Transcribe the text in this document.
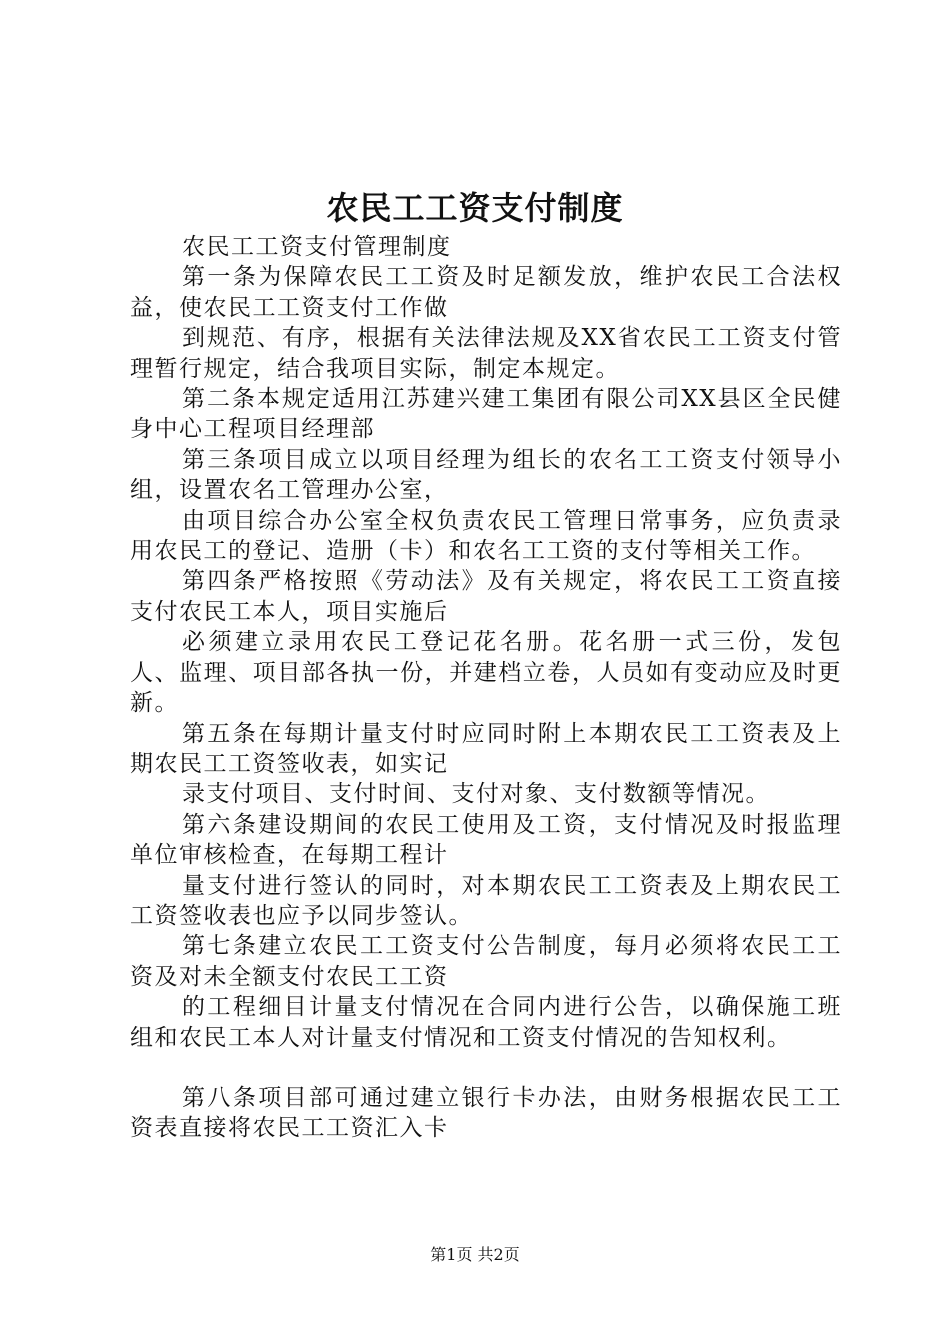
农民工工资支付制度

农民工工资支付管理制度

第一条为保障农民工工资及时足额发放，维护农民工合法权益，使农民工工资支付工作做

到规范、有序，根据有关法律法规及XX省农民工工资支付管理暂行规定，结合我项目实际，制定本规定。

第二条本规定适用江苏建兴建工集团有限公司XX县区全民健身中心工程项目经理部

第三条项目成立以项目经理为组长的农名工工资支付领导小组，设置农名工管理办公室，

由项目综合办公室全权负责农民工管理日常事务，应负责录用农民工的登记、造册（卡）和农名工工资的支付等相关工作。

第四条严格按照《劳动法》及有关规定，将农民工工资直接支付农民工本人，项目实施后

必须建立录用农民工登记花名册。花名册一式三份，发包人、监理、项目部各执一份，并建档立卷，人员如有变动应及时更新。

第五条在每期计量支付时应同时附上本期农民工工资表及上期农民工工资签收表，如实记

录支付项目、支付时间、支付对象、支付数额等情况。

第六条建设期间的农民工使用及工资，支付情况及时报监理单位审核检查，在每期工程计

量支付进行签认的同时，对本期农民工工资表及上期农民工工资签收表也应予以同步签认。

第七条建立农民工工资支付公告制度，每月必须将农民工工资及对未全额支付农民工工资

的工程细目计量支付情况在合同内进行公告，以确保施工班组和农民工本人对计量支付情况和工资支付情况的告知权利。

第八条项目部可通过建立银行卡办法，由财务根据农民工工资表直接将农民工工资汇入卡

第1页 共2页
